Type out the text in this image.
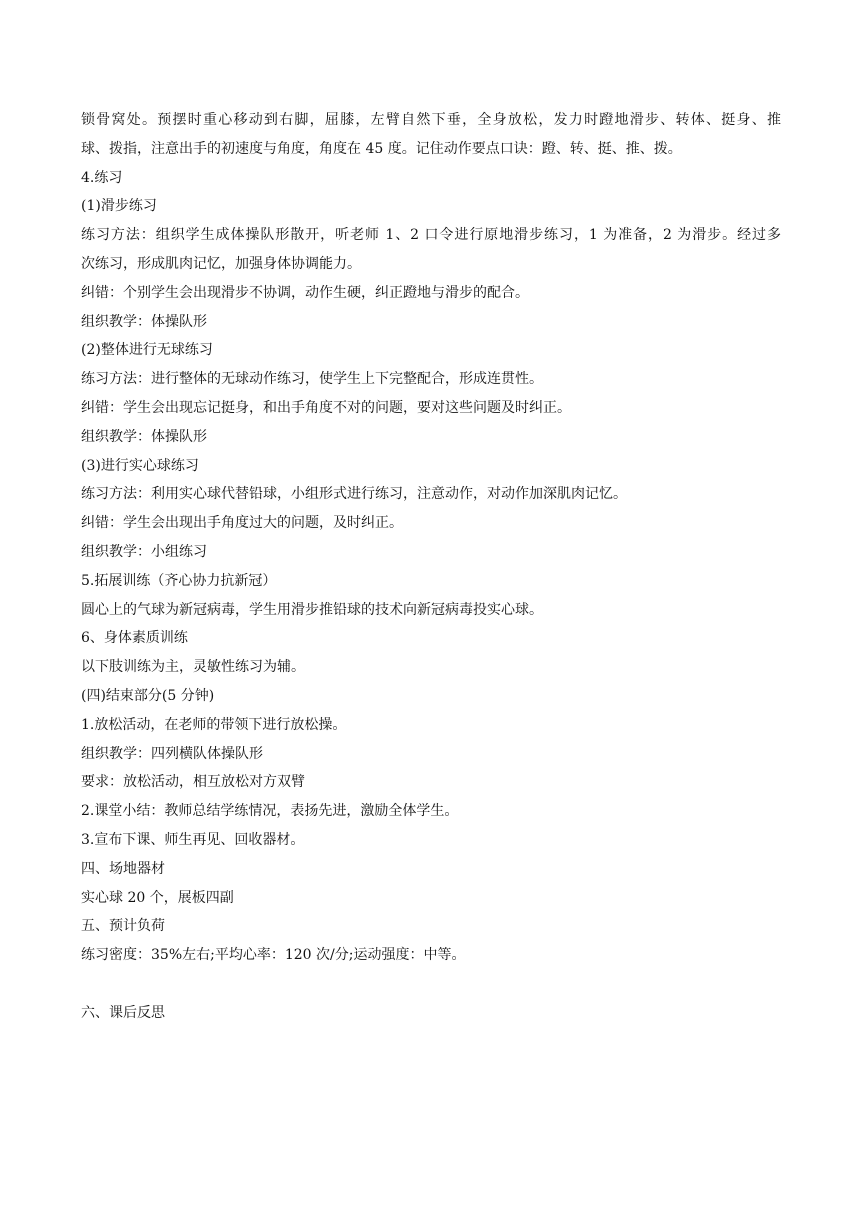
锁骨窝处。预摆时重心移动到右脚，屈膝，左臂自然下垂，全身放松，发力时蹬地滑步、转体、挺身、推
球、拨指，注意出手的初速度与角度，角度在 45 度。记住动作要点口诀：蹬、转、挺、推、拨。
4.练习
(1)滑步练习
练习方法：组织学生成体操队形散开，听老师 1、2 口令进行原地滑步练习，1 为准备，2 为滑步。经过多
次练习，形成肌肉记忆，加强身体协调能力。
纠错：个别学生会出现滑步不协调，动作生硬，纠正蹬地与滑步的配合。
组织教学：体操队形
(2)整体进行无球练习
练习方法：进行整体的无球动作练习，使学生上下完整配合，形成连贯性。
纠错：学生会出现忘记挺身，和出手角度不对的问题，要对这些问题及时纠正。
组织教学：体操队形
(3)进行实心球练习
练习方法：利用实心球代替铅球，小组形式进行练习，注意动作，对动作加深肌肉记忆。
纠错：学生会出现出手角度过大的问题，及时纠正。
组织教学：小组练习
5.拓展训练（齐心协力抗新冠）
圆心上的气球为新冠病毒，学生用滑步推铅球的技术向新冠病毒投实心球。
6、身体素质训练
以下肢训练为主，灵敏性练习为辅。
(四)结束部分(5 分钟)
1.放松活动，在老师的带领下进行放松操。
组织教学：四列横队体操队形
要求：放松活动，相互放松对方双臂
2.课堂小结：教师总结学练情况，表扬先进，激励全体学生。
3.宣布下课、师生再见、回收器材。
四、场地器材
实心球 20 个，展板四副
五、预计负荷
练习密度：35%左右;平均心率：120 次/分;运动强度：中等。
六、课后反思
